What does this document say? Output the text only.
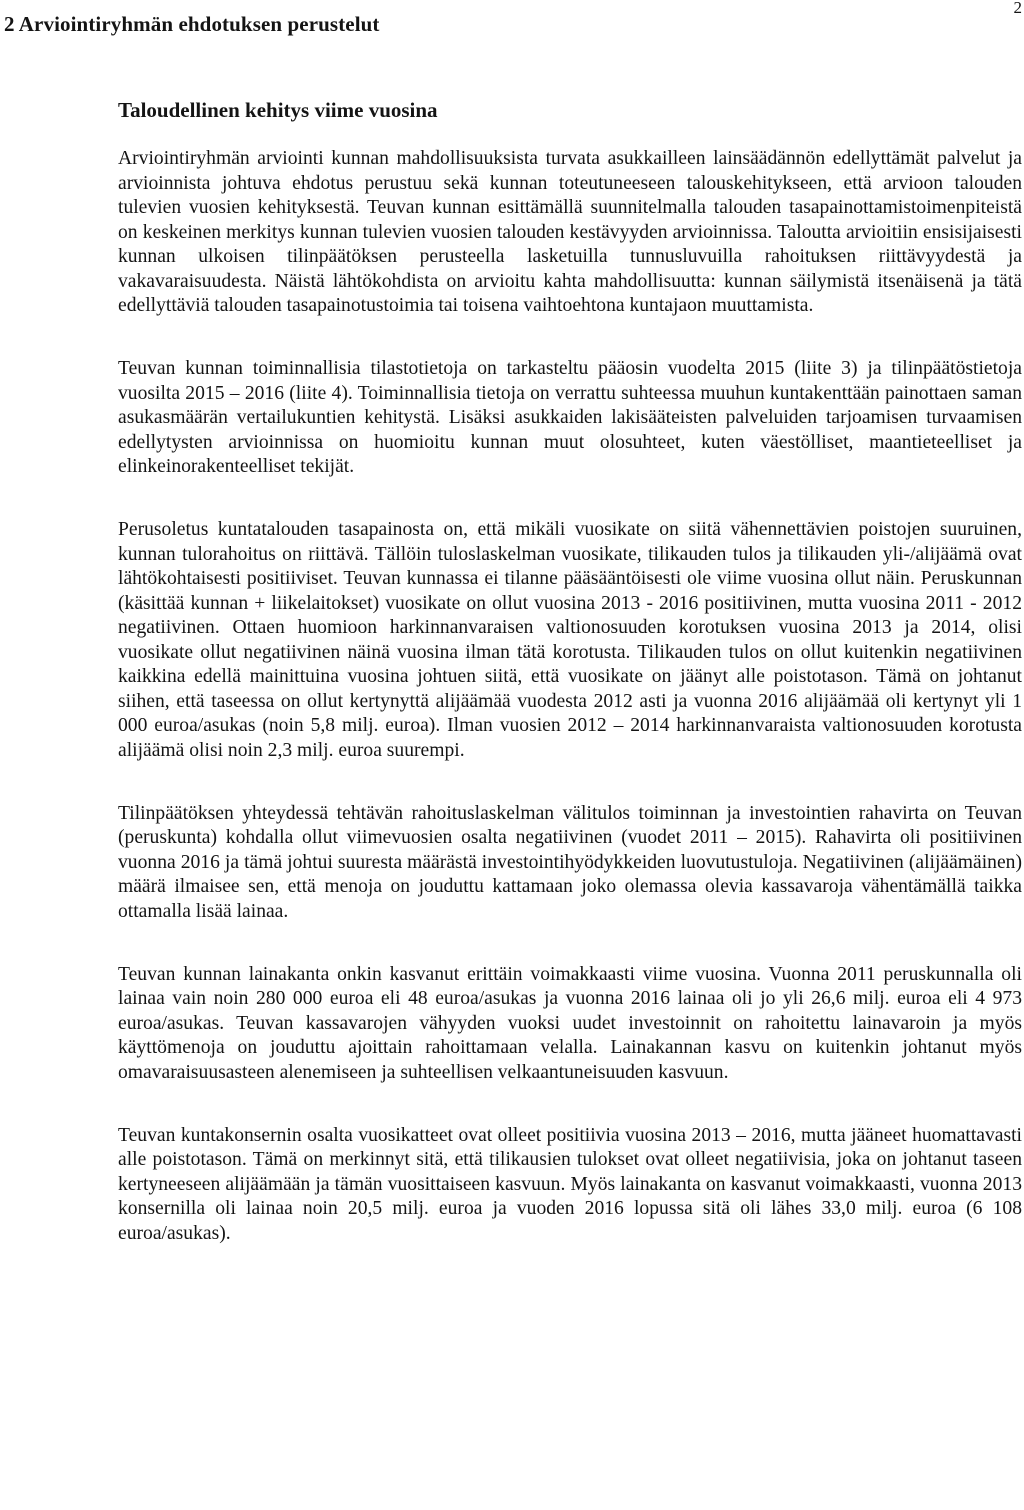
2 Arviointiryhmän ehdotuksen perustelut
2
Taloudellinen kehitys viime vuosina

Arviointiryhmän arviointi kunnan mahdollisuuksista turvata asukkailleen lainsäädännön edellyttämät palvelut ja arvioinnista johtuva ehdotus perustuu sekä kunnan toteutuneeseen talouskehitykseen, että arvioon talouden tulevien vuosien kehityksestä. Teuvan kunnan esittämällä suunnitelmalla talouden tasapainottamistoimenpiteistä on keskeinen merkitys kunnan tulevien vuosien talouden kestävyyden arvioinnissa. Taloutta arvioitiin ensisijaisesti kunnan ulkoisen tilinpäätöksen perusteella lasketuilla tunnusluvuilla rahoituksen riittävyydestä ja vakavaraisuudesta. Näistä lähtökohdista on arvioitu kahta mahdollisuutta: kunnan säilymistä itsenäisenä ja tätä edellyttäviä talouden tasapainotustoimia tai toisena vaihtoehtona kuntajaon muuttamista.

Teuvan kunnan toiminnallisia tilastotietoja on tarkasteltu pääosin vuodelta 2015 (liite 3) ja tilinpäätöstietoja vuosilta 2015 – 2016 (liite 4). Toiminnallisia tietoja on verrattu suhteessa muuhun kuntakenttään painottaen saman asukasmäärän vertailukuntien kehitystä. Lisäksi asukkaiden lakisääteisten palveluiden tarjoamisen turvaamisen edellytysten arvioinnissa on huomioitu kunnan muut olosuhteet, kuten väestölliset, maantieteelliset ja elinkeinorakenteelliset tekijät.

Perusoletus kuntatalouden tasapainosta on, että mikäli vuosikate on siitä vähennettävien poistojen suuruinen, kunnan tulorahoitus on riittävä. Tällöin tuloslaskelman vuosikate, tilikauden tulos ja tilikauden yli-/alijäämä ovat lähtökohtaisesti positiiviset. Teuvan kunnassa ei tilanne pääsääntöisesti ole viime vuosina ollut näin. Peruskunnan (käsittää kunnan + liikelaitokset) vuosikate on ollut vuosina 2013 - 2016 positiivinen, mutta vuosina 2011 - 2012 negatiivinen. Ottaen huomioon harkinnanvaraisen valtionosuuden korotuksen vuosina 2013 ja 2014, olisi vuosikate ollut negatiivinen näinä vuosina ilman tätä korotusta. Tilikauden tulos on ollut kuitenkin negatiivinen kaikkina edellä mainittuina vuosina johtuen siitä, että vuosikate on jäänyt alle poistotason. Tämä on johtanut siihen, että taseessa on ollut kertynyttä alijäämää vuodesta 2012 asti ja vuonna 2016 alijäämää oli kertynyt yli 1 000 euroa/asukas (noin 5,8 milj. euroa). Ilman vuosien 2012 – 2014 harkinnanvaraista valtionosuuden korotusta alijäämä olisi noin 2,3 milj. euroa suurempi.

Tilinpäätöksen yhteydessä tehtävän rahoituslaskelman välitulos toiminnan ja investointien rahavirta on Teuvan (peruskunta) kohdalla ollut viimevuosien osalta negatiivinen (vuodet 2011 – 2015). Rahavirta oli positiivinen vuonna 2016 ja tämä johtui suuresta määrästä investointihyödykkeiden luovutustuloja. Negatiivinen (alijäämäinen) määrä ilmaisee sen, että menoja on jouduttu kattamaan joko olemassa olevia kassavaroja vähentämällä taikka ottamalla lisää lainaa.

Teuvan kunnan lainakanta onkin kasvanut erittäin voimakkaasti viime vuosina. Vuonna 2011 peruskunnalla oli lainaa vain noin 280 000 euroa eli 48 euroa/asukas ja vuonna 2016 lainaa oli jo yli 26,6 milj. euroa eli 4 973 euroa/asukas. Teuvan kassavarojen vähyyden vuoksi uudet investoinnit on rahoitettu lainavaroin ja myös käyttömenoja on jouduttu ajoittain rahoittamaan velalla. Lainakannan kasvu on kuitenkin johtanut myös omavaraisuusasteen alenemiseen ja suhteellisen velkaantuneisuuden kasvuun.

Teuvan kuntakonsernin osalta vuosikatteet ovat olleet positiivia vuosina 2013 – 2016, mutta jääneet huomattavasti alle poistotason. Tämä on merkinnyt sitä, että tilikausien tulokset ovat olleet negatiivisia, joka on johtanut taseen kertyneeseen alijäämään ja tämän vuosittaiseen kasvuun. Myös lainakanta on kasvanut voimakkaasti, vuonna 2013 konsernilla oli lainaa noin 20,5 milj. euroa ja vuoden 2016 lopussa sitä oli lähes 33,0 milj. euroa (6 108 euroa/asukas).
